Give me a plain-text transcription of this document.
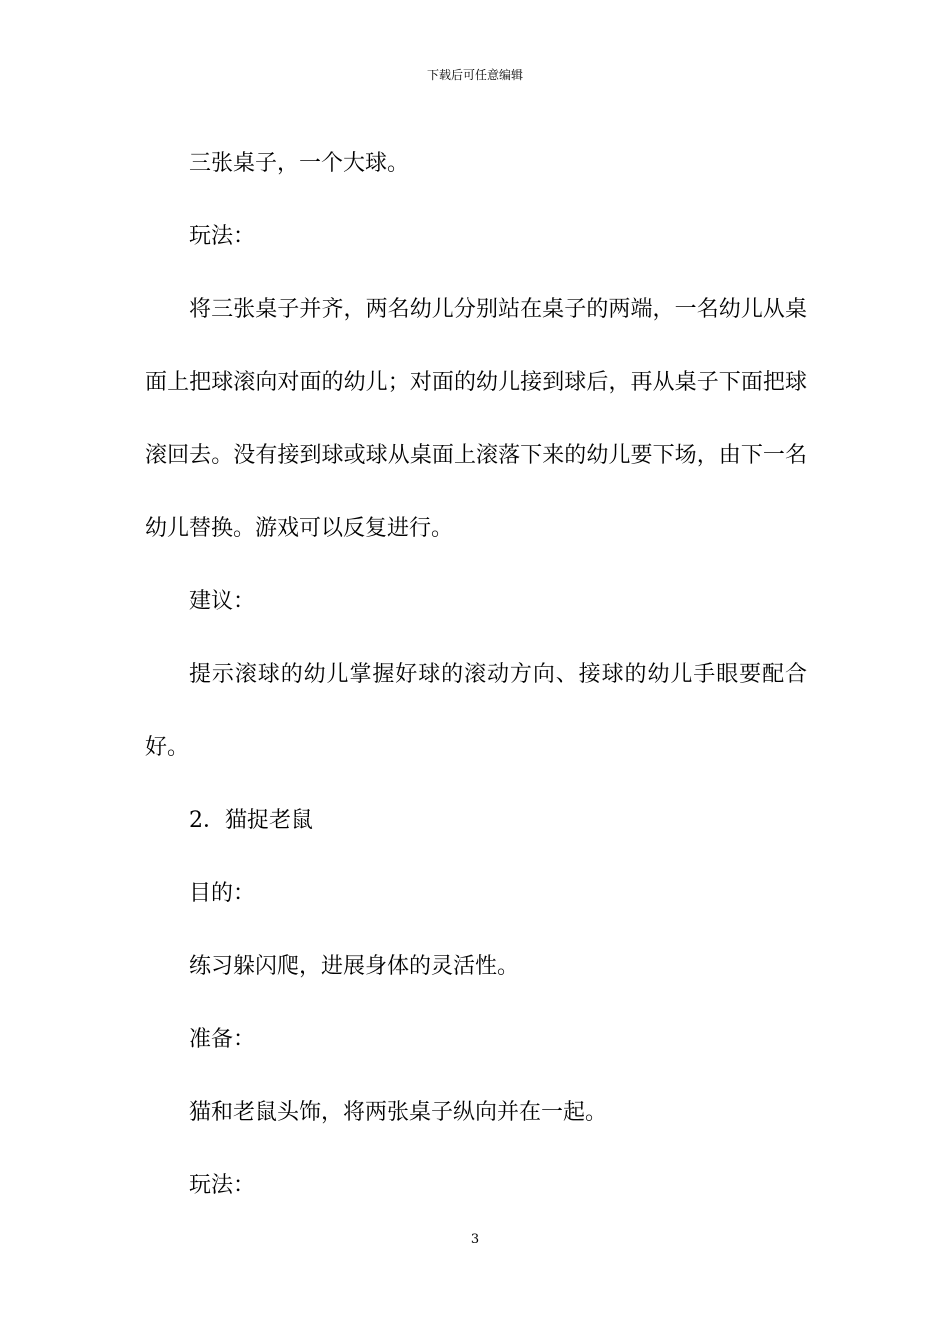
下载后可任意编辑

三张桌子，一个大球。

玩法：

将三张桌子并齐，两名幼儿分别站在桌子的两端，一名幼儿从桌面上把球滚向对面的幼儿；对面的幼儿接到球后，再从桌子下面把球滚回去。没有接到球或球从桌面上滚落下来的幼儿要下场，由下一名幼儿替换。游戏可以反复进行。

建议：

提示滚球的幼儿掌握好球的滚动方向、接球的幼儿手眼要配合好。

2．猫捉老鼠

目的：

练习躲闪爬，进展身体的灵活性。

准备：

猫和老鼠头饰，将两张桌子纵向并在一起。

玩法：

3
